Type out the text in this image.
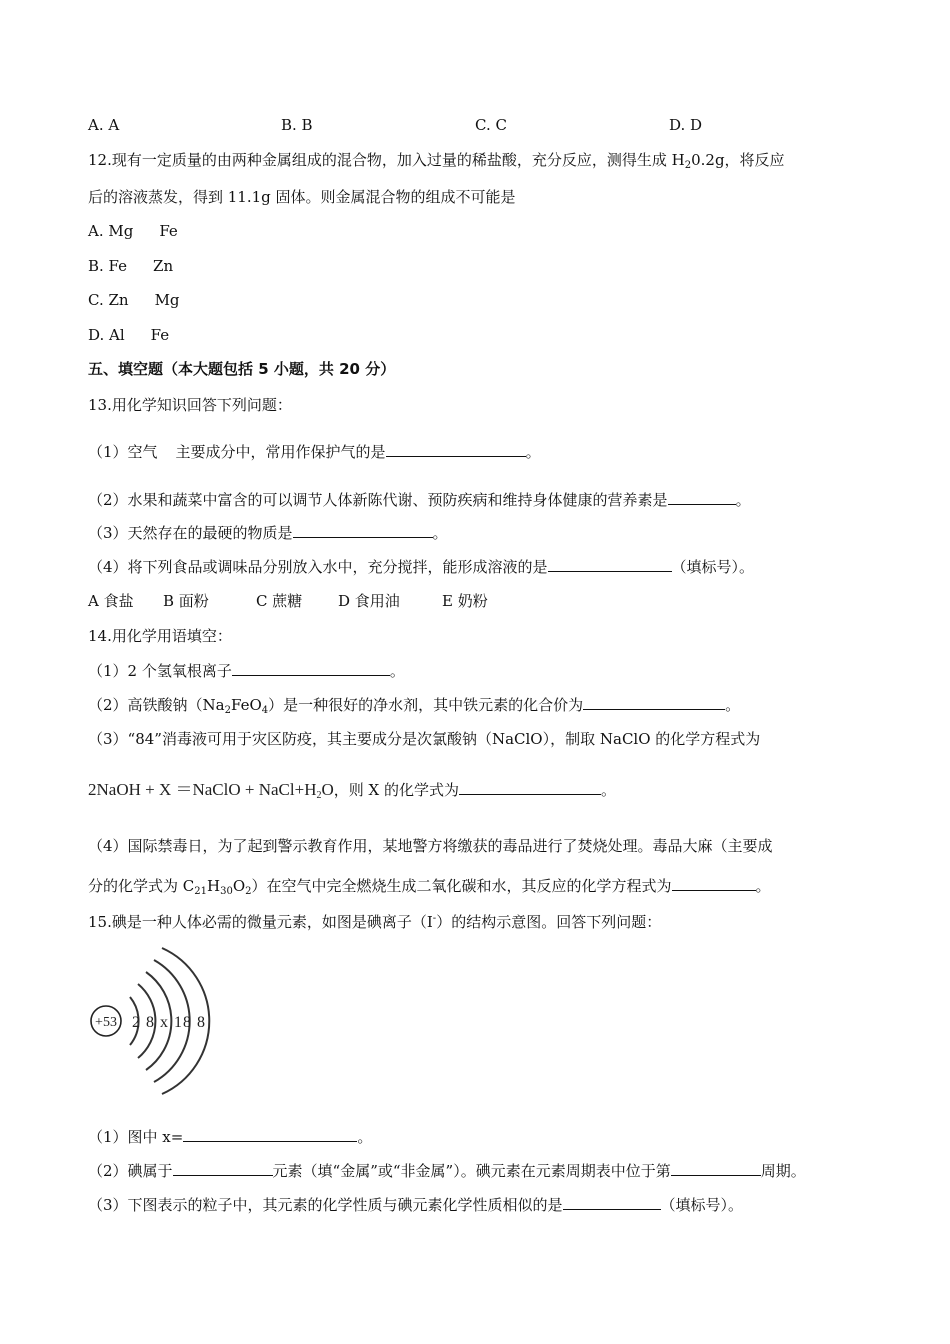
A. A	B. B	C. C	D. D
12.现有一定质量的由两种金属组成的混合物，加入过量的稀盐酸，充分反应，测得生成 $H_20.2g$，将反应
后的溶液蒸发，得到 11.1g 固体。则金属混合物的组成不可能是
A. Mg Fe
B. Fe Zn
C. Zn Mg
D. Al Fe
五、填空题（本大题包括 5 小题，共 20 分）
13.用化学知识回答下列问题：
（1）空气 主要成分中，常用作保护气的是	。
（2）水果和蔬菜中富含的可以调节人体新陈代谢、预防疾病和维持身体健康的营养素是	。
（3）天然存在的最硬的物质是	。
（4）将下列食品或调味品分别放入水中，充分搅拌，能形成溶液的是	（填标号）。
A 食盐 B 面粉	C 蔗糖 D 食用油	E 奶粉
14.用化学用语填空：
（1）2 个氢氧根离子	。
（2）高铁酸钠$(Na_2FeO_4)$是一种很好的净水剂，其中铁元素的化合价为	。
（3）“84”消毒液可用于灾区防疫，其主要成分是次氯酸钠（NaClO），制取 NaClO 的化学方程式为
2NaOH + X ＝NaClO + $NaCl+H_2O$，则 X 的化学式为	。
（4）国际禁毒日，为了起到警示教育作用，某地警方将缴获的毒品进行了焚烧处理。毒品大麻（主要成
分的化学式为 $C_{21}H_{30}O_2$）在空气中完全燃烧生成二氧化碳和水，其反应的化学方程式为	。
15.碘是一种人体必需的微量元素，如图是碘离子（I-）的结构示意图。回答下列问题：
+53 2 8 x 18 8
（1）图中 x=	。
（2）碘属于	元素（填“金属”或“非金属”）。碘元素在元素周期表中位于第	周期。
（3）下图表示的粒子中，其元素的化学性质与碘元素化学性质相似的是	（填标号）。
